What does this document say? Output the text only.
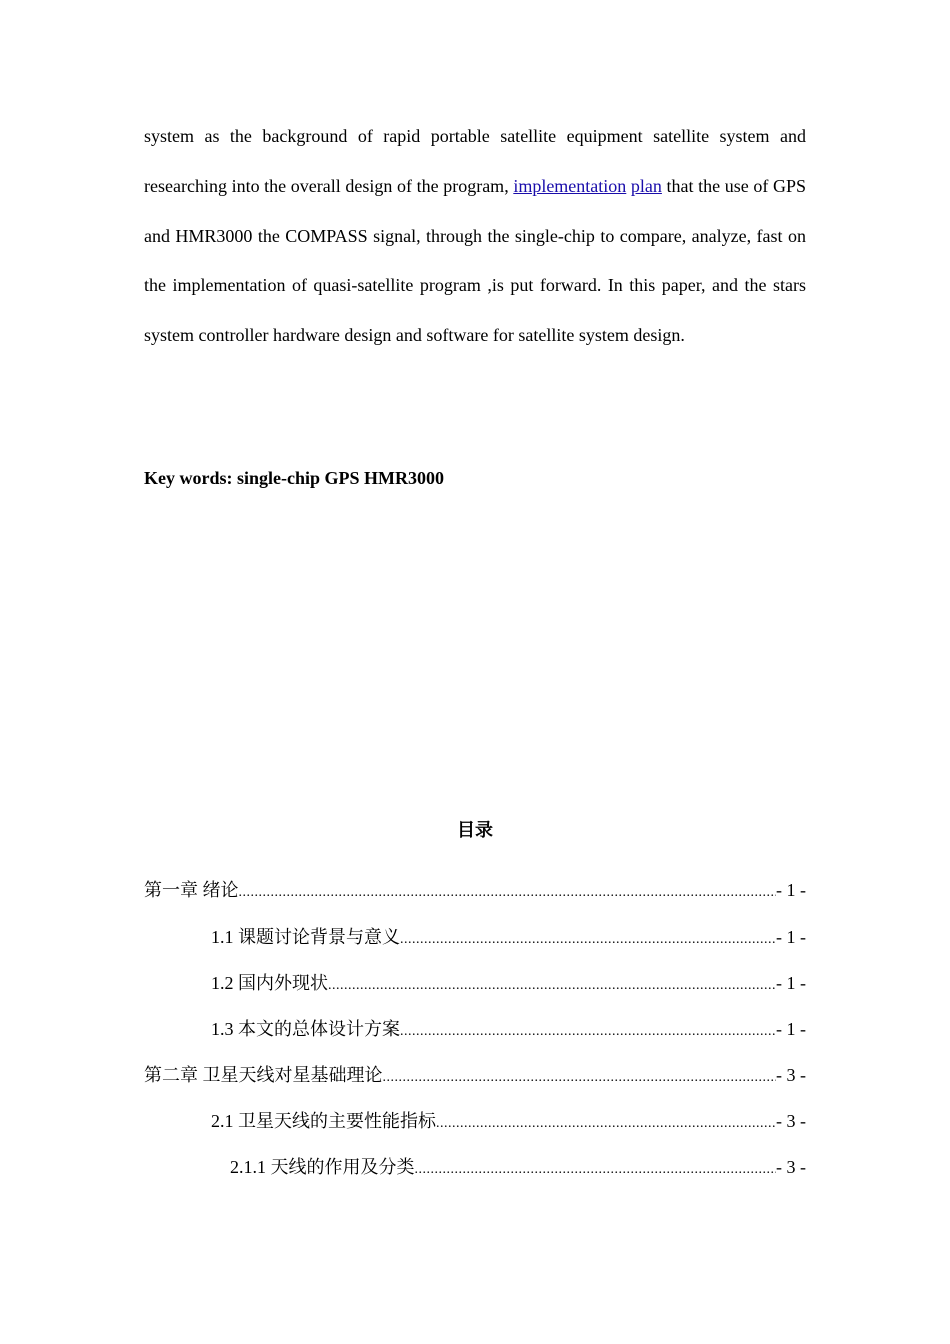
system as the background of rapid portable satellite equipment satellite system and researching into the overall design of the program, implementation plan that the use of GPS and HMR3000 the COMPASS signal, through the single-chip to compare, analyze, fast on the implementation of quasi-satellite program ,is put forward. In this paper, and the stars system controller hardware design and software for satellite system design.

Key words: single-chip GPS HMR3000

目录

第一章 绪论 .....	- 1 -
1.1 课题讨论背景与意义 .....	- 1 -
1.2 国内外现状 .....	- 1 -
1.3 本文的总体设计方案 .....	- 1 -
第二章 卫星天线对星基础理论 .....	- 3 -
2.1 卫星天线的主要性能指标 .....	- 3 -
2.1.1 天线的作用及分类 .....	- 3 -
